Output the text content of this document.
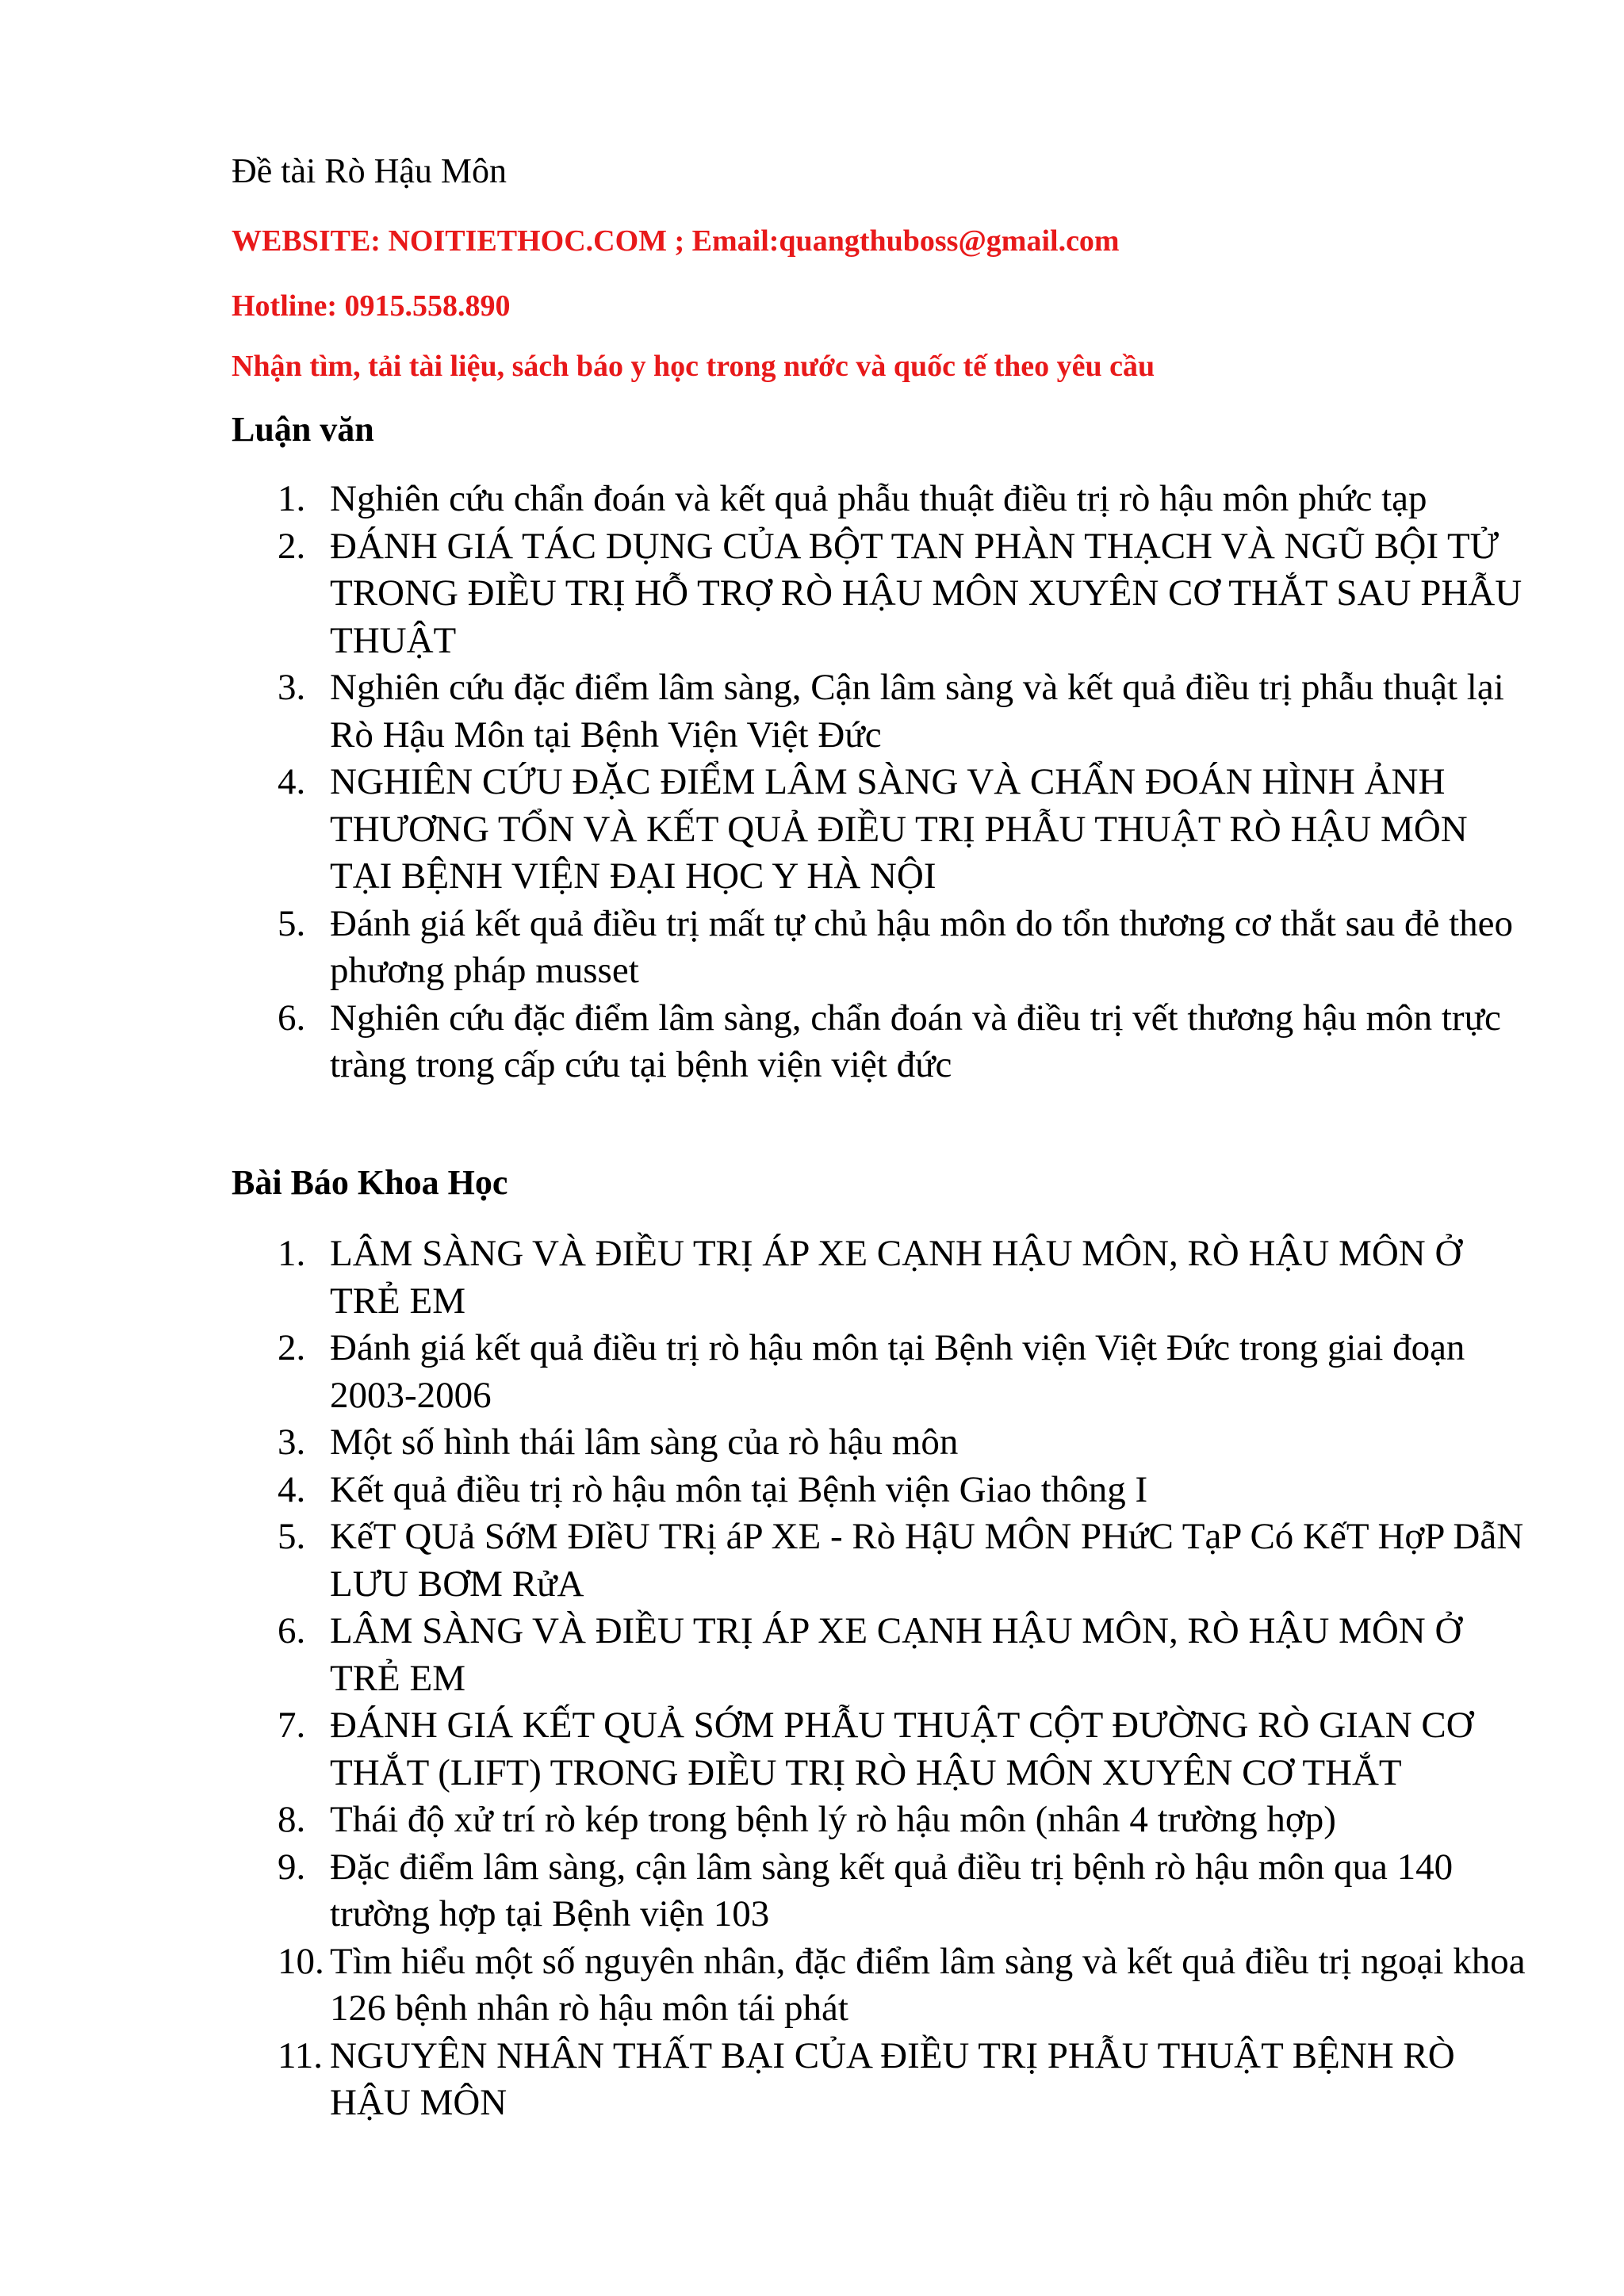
Đề tài Rò Hậu Môn
WEBSITE: NOITIETHOC.COM ; Email:quangthuboss@gmail.com
Hotline: 0915.558.890
Nhận tìm, tải tài liệu, sách báo y học trong nước và quốc tế theo yêu cầu
Luận văn
1. Nghiên cứu chẩn đoán và kết quả phẫu thuật điều trị rò hậu môn phức tạp
2. ĐÁNH GIÁ TÁC DỤNG CỦA BỘT TAN PHÀN THẠCH VÀ NGŨ BỘI TỬ TRONG ĐIỀU TRỊ HỖ TRỢ RÒ HẬU MÔN XUYÊN CƠ THẮT SAU PHẪU THUẬT
3. Nghiên cứu đặc điểm lâm sàng, Cận lâm sàng và kết quả điều trị phẫu thuật lại Rò Hậu Môn tại Bệnh Viện Việt Đức
4. NGHIÊN CỨU ĐẶC ĐIỂM LÂM SÀNG VÀ CHẨN ĐOÁN HÌNH ẢNH THƯƠNG TỔN VÀ KẾT QUẢ ĐIỀU TRỊ PHẪU THUẬT RÒ HẬU MÔN TẠI BỆNH VIỆN ĐẠI HỌC Y HÀ NỘI
5. Đánh giá kết quả điều trị mất tự chủ hậu môn do tổn thương cơ thắt sau đẻ theo phương pháp musset
6. Nghiên cứu đặc điểm lâm sàng, chẩn đoán và điều trị vết thương hậu môn trực tràng trong cấp cứu tại bệnh viện việt đức
Bài Báo Khoa Học
1. LÂM SÀNG VÀ ĐIỀU TRỊ ÁP XE CẠNH HẬU MÔN, RÒ HẬU MÔN Ở TRẺ EM
2. Đánh giá kết quả điều trị rò hậu môn tại Bệnh viện Việt Đức trong giai đoạn 2003-2006
3. Một số hình thái lâm sàng của rò hậu môn
4. Kết quả điều trị rò hậu môn tại Bệnh viện Giao thông I
5. KếT QUả SớM ĐIềU TRị áP XE - Rò HậU MÔN PHứC TạP Có KếT HợP DẫN LƯU BƠM RửA
6. LÂM SÀNG VÀ ĐIỀU TRỊ ÁP XE CẠNH HẬU MÔN, RÒ HẬU MÔN Ở TRẺ EM
7. ĐÁNH GIÁ KẾT QUẢ SỚM PHẪU THUẬT CỘT ĐƯỜNG RÒ GIAN CƠ THẮT (LIFT) TRONG ĐIỀU TRỊ RÒ HẬU MÔN XUYÊN CƠ THẮT
8. Thái độ xử trí rò kép trong bệnh lý rò hậu môn (nhân 4 trường hợp)
9. Đặc điểm lâm sàng, cận lâm sàng kết quả điều trị bệnh rò hậu môn qua 140 trường hợp tại Bệnh viện 103
10. Tìm hiểu một số nguyên nhân, đặc điểm lâm sàng và kết quả điều trị ngoại khoa 126 bệnh nhân rò hậu môn tái phát
11. NGUYÊN NHÂN THẤT BẠI CỦA ĐIỀU TRỊ PHẪU THUẬT BỆNH RÒ HẬU MÔN
